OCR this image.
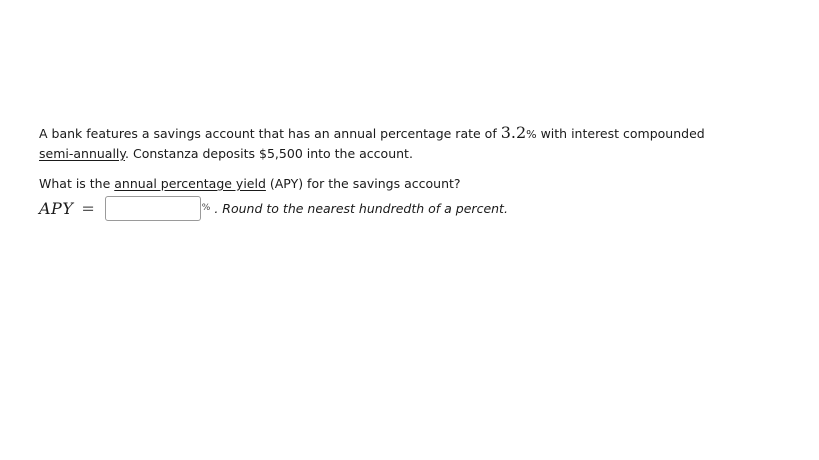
A bank features a savings account that has an annual percentage rate of 3.2% with interest compounded
semi-annually. Constanza deposits $5,500 into the account.
What is the annual percentage yield (APY) for the savings account?
APY =	% . Round to the nearest hundredth of a percent.
